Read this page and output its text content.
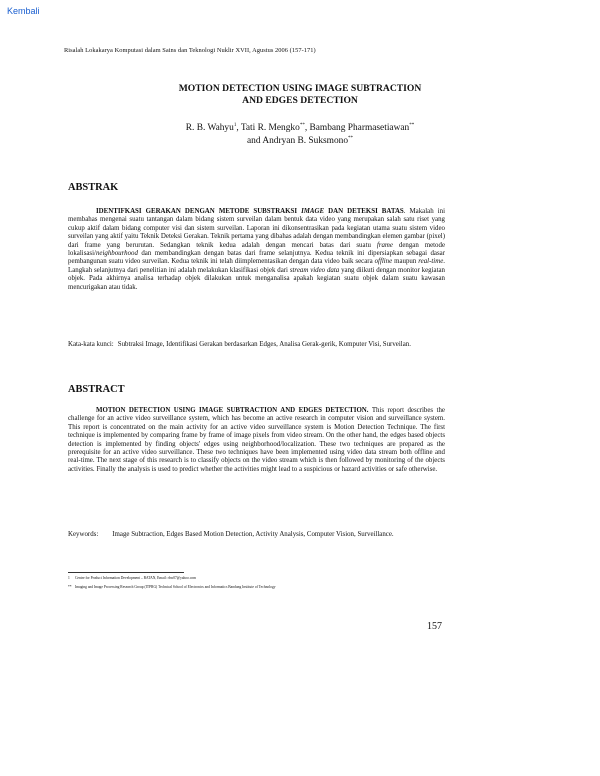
Kembali
Risalah Lokakarya Komputasi dalam Sains dan Teknologi Nuklir XVII, Agustus 2006 (157-171)
MOTION DETECTION USING IMAGE SUBTRACTION
AND EDGES DETECTION
R. B. Wahyu$^1$, Tati R. Mengko**, Bambang Pharmasetiawan**
and Andryan B. Suksmono**
ABSTRAK

IDENTIFKASI GERAKAN DENGAN METODE SUBSTRAKSI IMAGE DAN DETEKSI BATAS. Makalah ini membahas mengenai suatu tantangan dalam bidang sistem surveilan dalam bentuk data video yang merupakan salah satu riset yang cukup aktif dalam bidang computer visi dan sistem surveilan. Laporan ini dikonsentrasikan pada kegiatan utama suatu sistem video surveilan yang aktif yaitu Teknik Deteksi Gerakan. Teknik pertama yang dibahas adalah dengan membandingkan elemen gambar (pixel) dari frame yang berurutan. Sedangkan teknik kedua adalah dengan mencari batas dari suatu frame dengan metode lokalisasi/neighbourhood dan membandingkan dengan batas dari frame selanjutnya. Kedua teknik ini dipersiapkan sebagai dasar pembangunan suatu video surveilan. Kedua teknik ini telah diimplementasikan dengan data video baik secara offline maupun real-time. Langkah selanjutnya dari penelitian ini adalah melakukan klasifikasi objek dari stream video data yang diikuti dengan monitor kegiatan objek. Pada akhirnya analisa terhadap objek dilakukan untuk menganalisa apakah kegiatan suatu objek dalam suatu kawasan mencurigakan atau tidak.

Kata-kata kunci: Subtraksi Image, Identifikasi Gerakan berdasarkan Edges, Analisa Gerak-gerik, Komputer Visi, Surveilan.
ABSTRACT

MOTION DETECTION USING IMAGE SUBTRACTION AND EDGES DETECTION. This report describes the challenge for an active video surveillance system, which has become an active research in computer vision and surveillance system. This report is concentrated on the main activity for an active video surveillance system is Motion Detection Technique. The first technique is implemented by comparing frame by frame of image pixels from video stream. On the other hand, the edges based objects detection is implemented by finding objects' edges using neighborhood/localization. These two techniques are prepared as the prerequisite for an active video surveillance. These two techniques have been implemented using video data stream both offline and real-time. The next stage of this research is to classify objects on the video stream which is then followed by monitoring of the objects activities. Finally the analysis is used to predict whether the activities might lead to a suspicious or hazard activities or safe otherwise.

Keywords:	Image Subtraction, Edges Based Motion Detection, Activity Analysis, Computer Vision, Surveillance.
1 Centre for Product Information Development – BATAN, Email: rbw07@yahoo.com
** Imaging and Image Processing Research Group (ITPRG) Technical School of Electronics and Informatics Bandung Institute of Technology
157
